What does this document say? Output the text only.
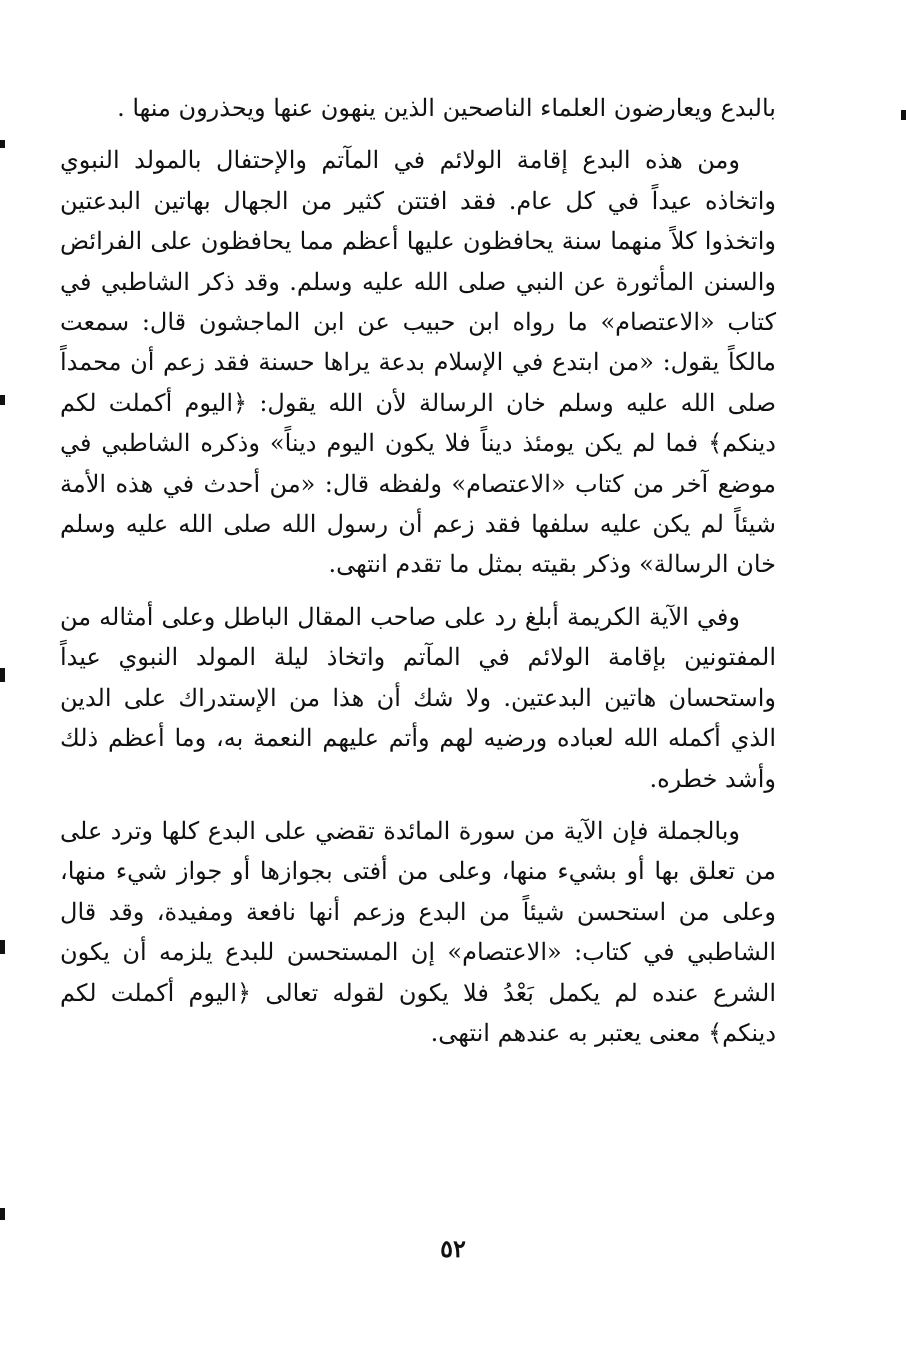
بالبدع ويعارضون العلماء الناصحين الذين ينهون عنها ويحذرون منها .

ومن هذه البدع إقامة الولائم في المآتم والإحتفال بالمولد النبوي واتخاذه عيداً في كل عام. فقد افتتن كثير من الجهال بهاتين البدعتين واتخذوا كلاً منهما سنة يحافظون عليها أعظم مما يحافظون على الفرائض والسنن المأثورة عن النبي صلى الله عليه وسلم. وقد ذكر الشاطبي في كتاب «الاعتصام» ما رواه ابن حبيب عن ابن الماجشون قال: سمعت مالكاً يقول: «من ابتدع في الإسلام بدعة يراها حسنة فقد زعم أن محمداً صلى الله عليه وسلم خان الرسالة لأن الله يقول: ﴿اليوم أكملت لكم دينكم﴾ فما لم يكن يومئذ ديناً فلا يكون اليوم ديناً» وذكره الشاطبي في موضع آخر من كتاب «الاعتصام» ولفظه قال: «من أحدث في هذه الأمة شيئاً لم يكن عليه سلفها فقد زعم أن رسول الله صلى الله عليه وسلم خان الرسالة» وذكر بقيته بمثل ما تقدم انتهى.

وفي الآية الكريمة أبلغ رد على صاحب المقال الباطل وعلى أمثاله من المفتونين بإقامة الولائم في المآتم واتخاذ ليلة المولد النبوي عيداً واستحسان هاتين البدعتين. ولا شك أن هذا من الإستدراك على الدين الذي أكمله الله لعباده ورضيه لهم وأتم عليهم النعمة به، وما أعظم ذلك وأشد خطره.

وبالجملة فإن الآية من سورة المائدة تقضي على البدع كلها وترد على من تعلق بها أو بشيء منها، وعلى من أفتى بجوازها أو جواز شيء منها، وعلى من استحسن شيئاً من البدع وزعم أنها نافعة ومفيدة، وقد قال الشاطبي في كتاب: «الاعتصام» إن المستحسن للبدع يلزمه أن يكون الشرع عنده لم يكمل بَعْدُ فلا يكون لقوله تعالى ﴿اليوم أكملت لكم دينكم﴾ معنى يعتبر به عندهم انتهى.

٥٢
